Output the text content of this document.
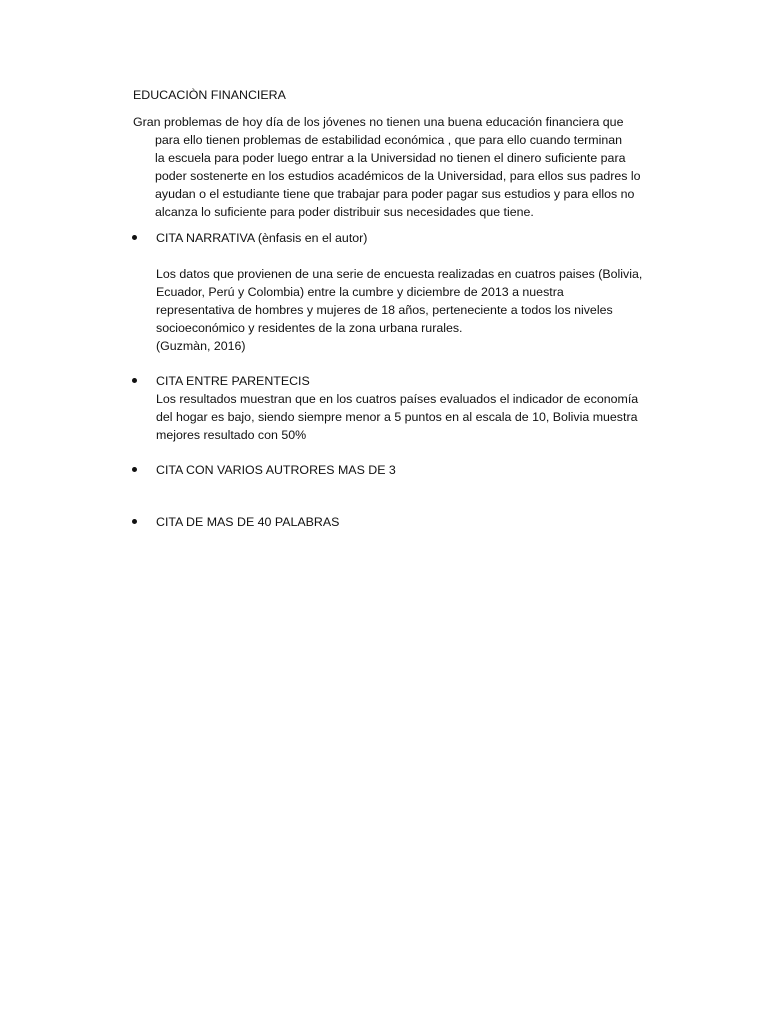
EDUCACIÒN FINANCIERA
Gran problemas de hoy día de los jóvenes no tienen una buena educación financiera que
para ello tienen problemas de estabilidad económica , que para ello cuando terminan
la escuela para poder luego entrar a la Universidad no tienen el dinero suficiente para
poder sostenerte en los estudios académicos de la Universidad, para ellos sus padres lo
ayudan o el estudiante tiene que trabajar para poder pagar sus estudios y para ellos no
alcanza lo suficiente para poder distribuir sus necesidades que tiene.
CITA NARRATIVA (ènfasis en el autor)
Los datos que provienen de una serie de encuesta realizadas en cuatros paises (Bolivia,
Ecuador, Perú y Colombia) entre la cumbre y diciembre de 2013 a nuestra
representativa de hombres y mujeres de 18 años, perteneciente a todos los niveles
socioeconómico y residentes de la zona urbana rurales.
(Guzmàn, 2016)
CITA ENTRE PARENTECIS
Los resultados muestran que en los cuatros países evaluados el indicador de economía
del hogar es bajo, siendo siempre menor a 5 puntos en al escala de 10, Bolivia muestra
mejores resultado con 50%
CITA CON VARIOS AUTRORES MAS DE 3
CITA DE MAS DE 40 PALABRAS
